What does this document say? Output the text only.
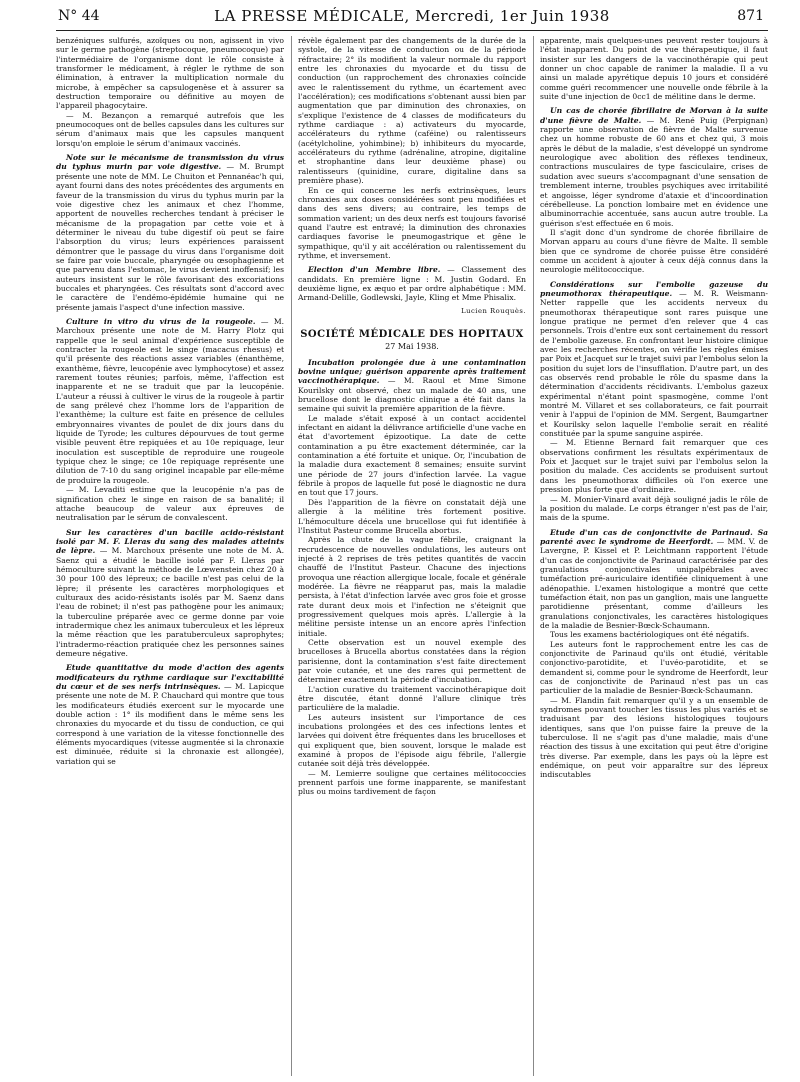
N° 44	LA PRESSE MÉDICALE, Mercredi, 1er Juin 1938	871

benzéniques sulfurés, azoïques ou non, agissent in vivo sur le germe pathogène (streptocoque, pneumocoque) par l'intermédiaire de l'organisme dont le rôle consiste à transformer le médicament, à régler le rythme de son élimination, à entraver la multiplication normale du microbe, à empêcher sa capsulogenèse et à assurer sa destruction temporaire ou définitive au moyen de l'appareil phagocytaire.

— M. Bezançon a remarqué autrefois que les pneumocoques ont de belles capsules dans les cultures sur sérum d'animaux mais que les capsules manquent lorsqu'on emploie le sérum d'animaux vaccinés.

Note sur le mécanisme de transmission du virus du typhus murin par voie digestive. — M. Brumpt présente une note de MM. Le Chuiton et Pennanéac'h qui, ayant fourni dans des notes précédentes des arguments en faveur de la transmission du virus du typhus murin par la voie digestive chez les animaux et chez l'homme, apportent de nouvelles recherches tendant à préciser le mécanisme de la propagation par cette voie et à déterminer le niveau du tube digestif où peut se faire l'absorption du virus; leurs expériences paraissent démontrer que le passage du virus dans l'organisme doit se faire par voie buccale, pharyngée ou œsophagienne et que parvenu dans l'estomac, le virus devient inoffensif; les auteurs insistent sur le rôle favorisant des excoriations buccales et pharyngées. Ces résultats sont d'accord avec le caractère de l'endémo-épidémie humaine qui ne présente jamais l'aspect d'une infection massive.

Culture in vitro du virus de la rougeole. — M. Marchoux présente une note de M. Harry Plotz qui rappelle que le seul animal d'expérience susceptible de contracter la rougeole est le singe (macacus rhesus) et qu'il présente des réactions assez variables (énanthème, exanthème, fièvre, leucopénie avec lymphocytose) et assez rarement toutes réunies; parfois, même, l'affection est inapparente et ne se traduit que par la leucopénie. L'auteur a réussi à cultiver le virus de la rougeole à partir de sang prélevé chez l'homme lors de l'apparition de l'exanthème; la culture est faite en présence de cellules embryonnaires vivantes de poulet de dix jours dans du liquide de Tyrode; les cultures dépourvues de tout germe visible peuvent être repiquées et au 10e repiquage, leur inoculation est susceptible de reproduire une rougeole typique chez le singe; ce 10e repiquage représente une dilution de 7-10 du sang originel incapable par elle-même de produire la rougeole.

— M. Levaditi estime que la leucopénie n'a pas de signification chez le singe en raison de sa banalité; il attache beaucoup de valeur aux épreuves de neutralisation par le sérum de convalescent.

Sur les caractères d'un bacille acido-résistant isolé par M. F. Lleras du sang des malades atteints de lèpre. — M. Marchoux présente une note de M. A. Saenz qui a étudié le bacille isolé par F. Lleras par hémoculture suivant la méthode de Lœwenstein chez 20 à 30 pour 100 des lépreux; ce bacille n'est pas celui de la lèpre; il présente les caractères morphologiques et culturaux des acido-résistants isolés par M. Saenz dans l'eau de robinet; il n'est pas pathogène pour les animaux; la tuberculine préparée avec ce germe donne par voie intradermique chez les animaux tuberculeux et les lépreux la même réaction que les paratuberculeux saprophytes; l'intradermo-réaction pratiquée chez les personnes saines demeure négative.

Etude quantitative du mode d'action des agents modificateurs du rythme cardiaque sur l'excitabilité du cœur et de ses nerfs intrinsèques. — M. Lapicque présente une note de M. P. Chauchard qui montre que tous les modificateurs étudiés exercent sur le myocarde une double action : 1° ils modifient dans le même sens les chronaxies du myocarde et du tissu de conduction, ce qui correspond à une variation de la vitesse fonctionnelle des éléments myocardiques (vitesse augmentée si la chronaxie est diminuée, réduite si la chronaxie est allongée), variation qui se

révèle également par des changements de la durée de la systole, de la vitesse de conduction ou de la période réfractaire; 2° ils modifient la valeur normale du rapport entre les chronaxies du myocarde et du tissu de conduction (un rapprochement des chronaxies coïncide avec le ralentissement du rythme, un écartement avec l'accélération); ces modifications s'obtenant aussi bien par augmentation que par diminution des chronaxies, on s'explique l'existence de 4 classes de modificateurs du rythme cardiaque : a) activateurs du myocarde, accélérateurs du rythme (caféine) ou ralentisseurs (acétylcholine, yohimbine); b) inhibiteurs du myocarde, accélérateurs du rythme (adrénaline, atropine, digitaline et strophantine dans leur deuxième phase) ou ralentisseurs (quinidine, curare, digitaline dans sa première phase).

En ce qui concerne les nerfs extrinsèques, leurs chronaxies aux doses considérées sont peu modifiées et dans des sens divers; au contraire, les temps de sommation varient; un des deux nerfs est toujours favorisé quand l'autre est entravé; la diminution des chronaxies cardiaques favorise le pneumogastrique et gêne le sympathique, qu'il y ait accélération ou ralentissement du rythme, et inversement.

Election d'un Membre libre. — Classement des candidats. En première ligne : M. Justin Godard. En deuxième ligne, ex æquo et par ordre alphabétique : MM. Armand-Delille, Godlewski, Jayle, Kling et Mme Phisalix.

Lucien Rouquès.
SOCIÉTÉ MÉDICALE DES HOPITAUX
27 Mai 1938.

Incubation prolongée due à une contamination bovine unique; guérison apparente après traitement vaccinothérapique. — M. Raoul et Mme Simone Kourilsky ont observé, chez un malade de 40 ans, une brucellose dont le diagnostic clinique a été fait dans la semaine qui suivit la première apparition de la fièvre.

Le malade s'était exposé à un contact accidentel infectant en aidant la délivrance artificielle d'une vache en état d'avortement épizootique. La date de cette contamination a pu être exactement déterminée, car la contamination a été fortuite et unique. Or, l'incubation de la maladie dura exactement 8 semaines; ensuite survint une période de 27 jours d'infection larvée. La vague fébrile à propos de laquelle fut posé le diagnostic ne dura en tout que 17 jours.

Dès l'apparition de la fièvre on constatait déjà une allergie à la mélitine très fortement positive. L'hémoculture décela une brucellose qui fut identifiée à l'Institut Pasteur comme Brucella abortus.

Après la chute de la vague fébrile, craignant la recrudescence de nouvelles ondulations, les auteurs ont injecté à 2 reprises de très petites quantités de vaccin chauffé de l'Institut Pasteur. Chacune des injections provoqua une réaction allergique locale, focale et générale modérée. La fièvre ne réapparut pas, mais la maladie persista, à l'état d'infection larvée avec gros foie et grosse rate durant deux mois et l'infection ne s'éteignit que progressivement quelques mois après. L'allergie à la mélitine persiste intense un an encore après l'infection initiale.

Cette observation est un nouvel exemple des brucelloses à Brucella abortus constatées dans la région parisienne, dont la contamination s'est faite directement par voie cutanée, et une des rares qui permettent de déterminer exactement la période d'incubation.

L'action curative du traitement vaccinothérapique doit être discutée, étant donné l'allure clinique très particulière de la maladie.

Les auteurs insistent sur l'importance de ces incubations prolongées et des ces infections lentes et larvées qui doivent être fréquentes dans les brucelloses et qui expliquent que, bien souvent, lorsque le malade est examiné à propos de l'épisode aigu fébrile, l'allergie cutanée soit déjà très développée.

— M. Lemierre souligne que certaines mélitococcies prennent parfois une forme inapparente, se manifestant plus ou moins tardivement de façon

apparente, mais quelques-unes peuvent rester toujours à l'état inapparent. Du point de vue thérapeutique, il faut insister sur les dangers de la vaccinothérapie qui peut donner un choc capable de ranimer la maladie. Il a vu ainsi un malade apyrétique depuis 10 jours et considéré comme guéri recommencer une nouvelle onde fébrile à la suite d'une injection de 0cc1 de mélitine dans le derme.

Un cas de chorée fibrillaire de Morvan à la suite d'une fièvre de Malte. — M. René Puig (Perpignan) rapporte une observation de fièvre de Malte survenue chez un homme robuste de 60 ans et chez qui, 3 mois après le début de la maladie, s'est développé un syndrome neurologique avec abolition des réflexes tendineux, contractions musculaires de type fasciculaire, crises de sudation avec sueurs s'accompagnant d'une sensation de tremblement interne, troubles psychiques avec irritabilité et angoisse, léger syndrome d'ataxie et d'incoordination cérébelleuse. La ponction lombaire met en évidence une albuminorrachie accentuée, sans aucun autre trouble. La guérison s'est effectuée en 6 mois.

Il s'agit donc d'un syndrome de chorée fibrillaire de Morvan apparu au cours d'une fièvre de Malte. Il semble bien que ce syndrome de chorée puisse être considéré comme un accident à ajouter à ceux déjà connus dans la neurologie mélitococcique.

Considérations sur l'embolie gazeuse du pneumothorax thérapeutique. — M. R. Weismann-Netter rappelle que les accidents nerveux du pneumothorax thérapeutique sont rares puisque une longue pratique ne permet d'en relever que 4 cas personnels. Trois d'entre eux sont certainement du ressort de l'embolie gazeuse. En confrontant leur histoire clinique avec les recherches récentes, on vérifie les règles émises par Poix et Jacquet sur le trajet suivi par l'embolus selon la position du sujet lors de l'insufflation. D'autre part, un des cas observés rend probable le rôle du spasme dans la détermination d'accidents récidivants. L'embolus gazeux expérimental n'étant point spasmogène, comme l'ont montré M. Villaret et ses collaborateurs, ce fait pourrait venir à l'appui de l'opinion de MM. Sergent, Baumgartner et Kourilsky selon laquelle l'embolie serait en réalité constituée par la spume sanguine aspirée.

— M. Etienne Bernard fait remarquer que ces observations confirment les résultats expérimentaux de Poix et Jacquet sur le trajet suivi par l'embolus selon la position du malade. Ces accidents se produisent surtout dans les pneumothorax difficiles où l'on exerce une pression plus forte que d'ordinaire.

— M. Monier-Vinard avait déjà souligné jadis le rôle de la position du malade. Le corps étranger n'est pas de l'air, mais de la spume.

Etude d'un cas de conjonctivite de Parinaud. Sa parenté avec le syndrome de Heerfordt. — MM. V. de Lavergne, P. Kissel et P. Leichtmann rapportent l'étude d'un cas de conjonctivite de Parinaud caractérisée par des granulations conjonctivales unipalpébrales avec tuméfaction pré-auriculaire identifiée cliniquement à une adénopathie. L'examen histologique a montré que cette tuméfaction était, non pas un ganglion, mais une languette parotidienne présentant, comme d'ailleurs les granulations conjonctivales, les caractères histologiques de la maladie de Besnier-Bœck-Schaumann.

Tous les examens bactériologiques ont été négatifs.

Les auteurs font le rapprochement entre les cas de conjonctivite de Parinaud qu'ils ont étudié, véritable conjonctivo-parotidite, et l'uvéo-parotidite, et se demandent si, comme pour le syndrome de Heerfordt, leur cas de conjonctivite de Parinaud n'est pas un cas particulier de la maladie de Besnier-Bœck-Schaumann.

— M. Flandin fait remarquer qu'il y a un ensemble de syndromes pouvant toucher les tissus les plus variés et se traduisant par des lésions histologiques toujours identiques, sans que l'on puisse faire la preuve de la tuberculose. Il ne s'agit pas d'une maladie, mais d'une réaction des tissus à une excitation qui peut être d'origine très diverse. Par exemple, dans les pays où la lèpre est endémique, on peut voir apparaître sur des lépreux indiscutables
